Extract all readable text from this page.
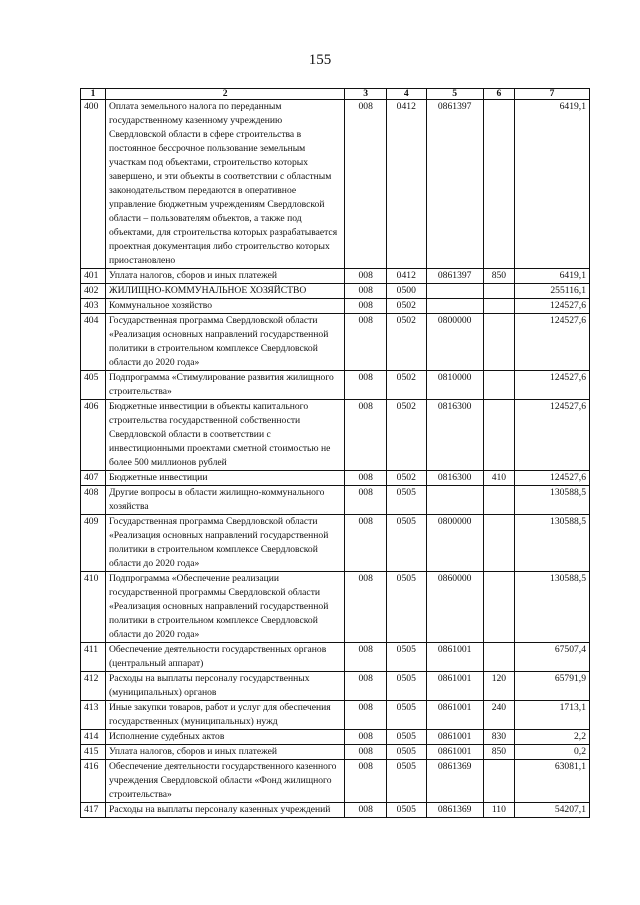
155
1	2	3	4	5	6	7
400	Оплата земельного налога по переданным государственному казенному учреждению Свердловской области в сфере строительства в постоянное бессрочное пользование земельным участкам под объектами, строительство которых завершено, и эти объекты в соответствии с областным законодательством передаются в оперативное управление бюджетным учреждениям Свердловской области – пользователям объектов, а также под объектами, для строительства которых разрабатывается проектная документация либо строительство которых приостановлено	008	0412	0861397		6419,1
401	Уплата налогов, сборов и иных платежей	008	0412	0861397	850	6419,1
402	ЖИЛИЩНО-КОММУНАЛЬНОЕ ХОЗЯЙСТВО	008	0500			255116,1
403	Коммунальное хозяйство	008	0502			124527,6
404	Государственная программа Свердловской области «Реализация основных направлений государственной политики в строительном комплексе Свердловской области до 2020 года»	008	0502	0800000		124527,6
405	Подпрограмма «Стимулирование развития жилищного строительства»	008	0502	0810000		124527,6
406	Бюджетные инвестиции в объекты капитального строительства государственной собственности Свердловской области в соответствии с инвестиционными проектами сметной стоимостью не более 500 миллионов рублей	008	0502	0816300		124527,6
407	Бюджетные инвестиции	008	0502	0816300	410	124527,6
408	Другие вопросы в области жилищно-коммунального хозяйства	008	0505			130588,5
409	Государственная программа Свердловской области «Реализация основных направлений государственной политики в строительном комплексе Свердловской области до 2020 года»	008	0505	0800000		130588,5
410	Подпрограмма «Обеспечение реализации государственной программы Свердловской области «Реализация основных направлений государственной политики в строительном комплексе Свердловской области до 2020 года»	008	0505	0860000		130588,5
411	Обеспечение деятельности государственных органов (центральный аппарат)	008	0505	0861001		67507,4
412	Расходы на выплаты персоналу государственных (муниципальных) органов	008	0505	0861001	120	65791,9
413	Иные закупки товаров, работ и услуг для обеспечения государственных (муниципальных) нужд	008	0505	0861001	240	1713,1
414	Исполнение судебных актов	008	0505	0861001	830	2,2
415	Уплата налогов, сборов и иных платежей	008	0505	0861001	850	0,2
416	Обеспечение деятельности государственного казенного учреждения Свердловской области «Фонд жилищного строительства»	008	0505	0861369		63081,1
417	Расходы на выплаты персоналу казенных учреждений	008	0505	0861369	110	54207,1
